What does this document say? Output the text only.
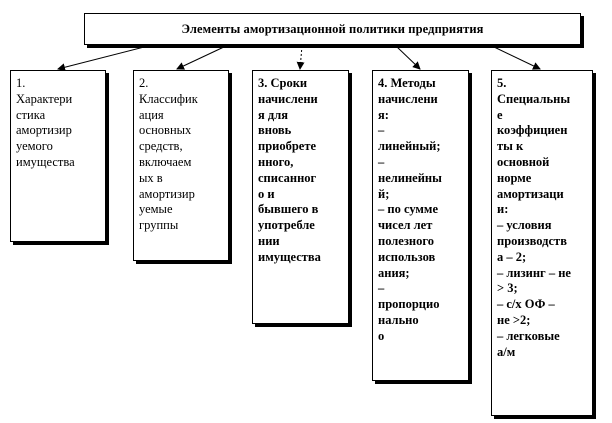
Элементы амортизационной политики предприятия
1.
Характери
стика
амортизир
уемого
имущества
2.
Классифик
ация
основных
средств,
включаем
ых в
амортизир
уемые
группы
3. Сроки
начислени
я для
вновь
приобрете
нного,
списанног
о и
бывшего в
употребле
нии
имущества
4. Методы
начислени
я:
–
линейный;
–
нелинейны
й;
– по сумме
чисел лет
полезного
использов
ания;
–
пропорцио
нально
о
5.
Специальны
е
коэффициен
ты к
основной
норме
амортизаци
и:
– условия
производств
а – 2;
– лизинг – не
> 3;
– с/х ОФ –
не >2;
– легковые
а/м
